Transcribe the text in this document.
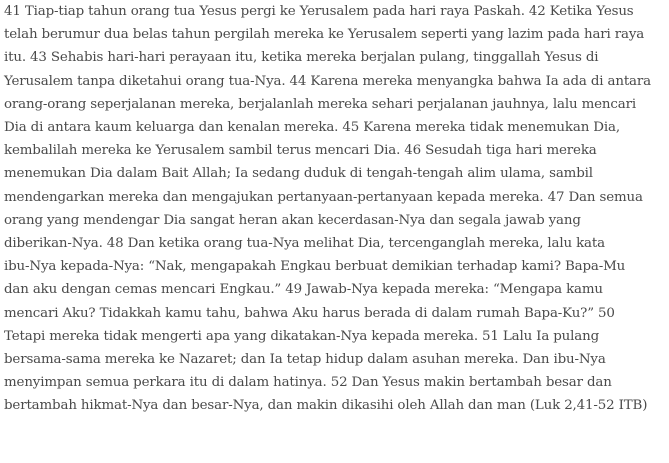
41 Tiap-tiap tahun orang tua Yesus pergi ke Yerusalem pada hari raya Paskah. 42 Ketika Yesus
telah berumur dua belas tahun pergilah mereka ke Yerusalem seperti yang lazim pada hari raya
itu. 43 Sehabis hari-hari perayaan itu, ketika mereka berjalan pulang, tinggallah Yesus di
Yerusalem tanpa diketahui orang tua-Nya. 44 Karena mereka menyangka bahwa Ia ada di antara
orang-orang seperjalanan mereka, berjalanlah mereka sehari perjalanan jauhnya, lalu mencari
Dia di antara kaum keluarga dan kenalan mereka. 45 Karena mereka tidak menemukan Dia,
kembalilah mereka ke Yerusalem sambil terus mencari Dia. 46 Sesudah tiga hari mereka
menemukan Dia dalam Bait Allah; Ia sedang duduk di tengah-tengah alim ulama, sambil
mendengarkan mereka dan mengajukan pertanyaan-pertanyaan kepada mereka. 47 Dan semua
orang yang mendengar Dia sangat heran akan kecerdasan-Nya dan segala jawab yang
diberikan-Nya. 48 Dan ketika orang tua-Nya melihat Dia, tercenganglah mereka, lalu kata
ibu-Nya kepada-Nya: “Nak, mengapakah Engkau berbuat demikian terhadap kami? Bapa-Mu
dan aku dengan cemas mencari Engkau.” 49 Jawab-Nya kepada mereka: “Mengapa kamu
mencari Aku? Tidakkah kamu tahu, bahwa Aku harus berada di dalam rumah Bapa-Ku?” 50
Tetapi mereka tidak mengerti apa yang dikatakan-Nya kepada mereka. 51 Lalu Ia pulang
bersama-sama mereka ke Nazaret; dan Ia tetap hidup dalam asuhan mereka. Dan ibu-Nya
menyimpan semua perkara itu di dalam hatinya. 52 Dan Yesus makin bertambah besar dan
bertambah hikmat-Nya dan besar-Nya, dan makin dikasihi oleh Allah dan man (Luk 2,41-52 ITB)
